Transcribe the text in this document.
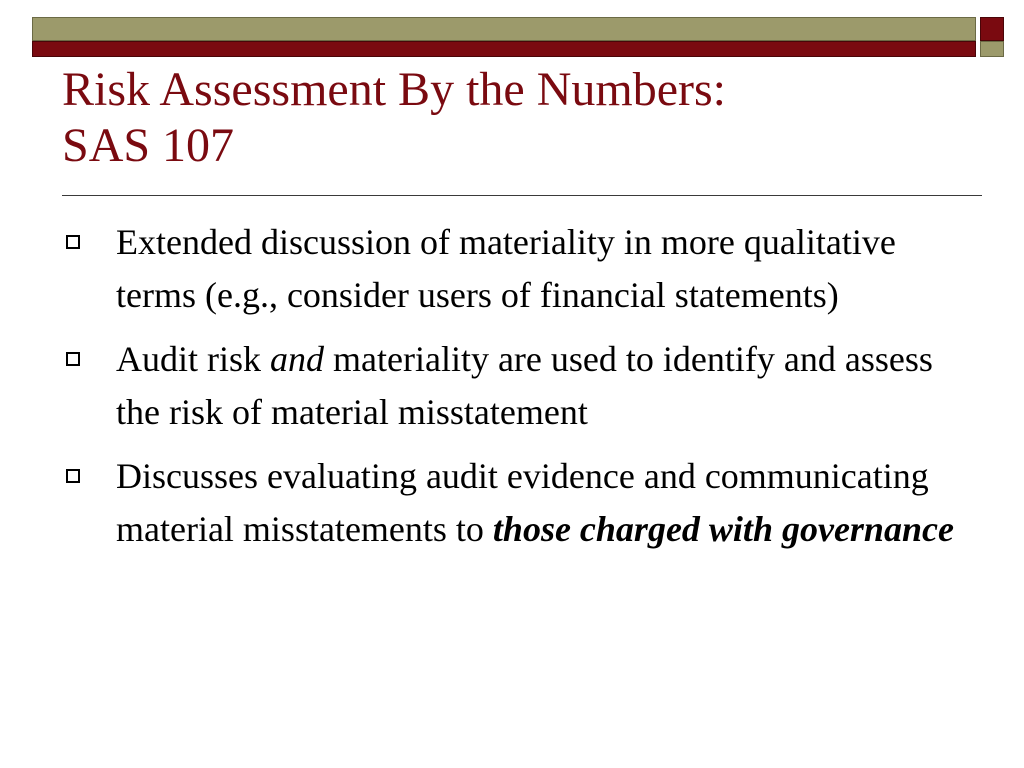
Risk Assessment By the Numbers:
SAS 107
Extended discussion of materiality in more qualitative terms (e.g., consider users of financial statements)
Audit risk and materiality are used to identify and assess the risk of material misstatement
Discusses evaluating audit evidence and communicating material misstatements to those charged with governance
